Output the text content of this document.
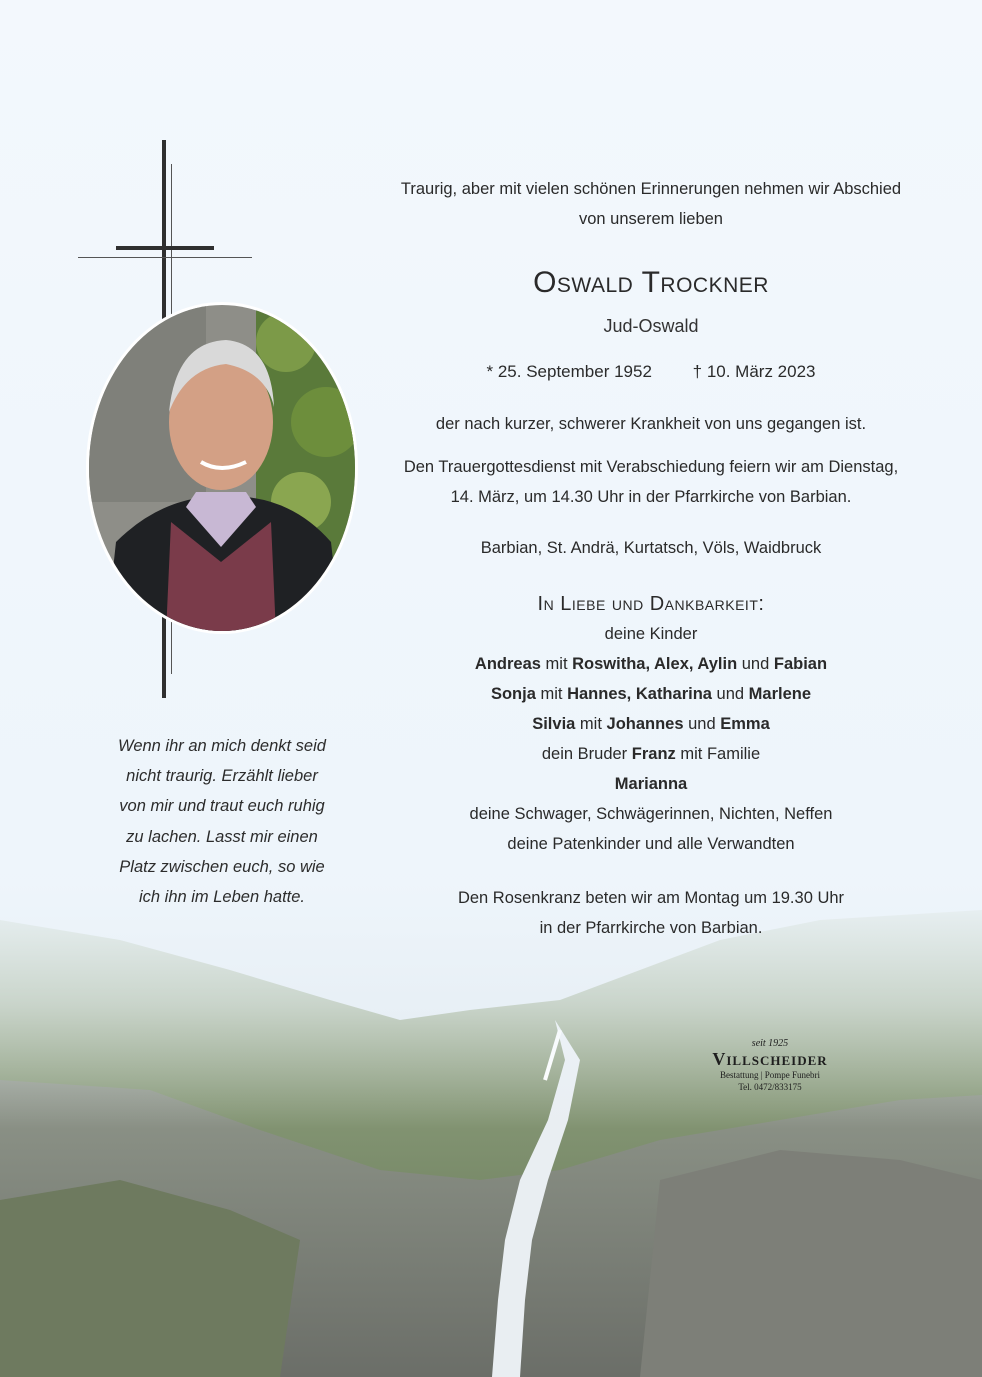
Wenn ihr an mich denkt seid
nicht traurig. Erzählt lieber
von mir und traut euch ruhig
zu lachen. Lasst mir einen
Platz zwischen euch, so wie
ich ihn im Leben hatte.
Traurig, aber mit vielen schönen Erinnerungen nehmen wir Abschied
von unserem lieben
Oswald Trockner
Jud-Oswald
* 25. September 1952 † 10. März 2023
der nach kurzer, schwerer Krankheit von uns gegangen ist.
Den Trauergottesdienst mit Verabschiedung feiern wir am Dienstag,
14. März, um 14.30 Uhr in der Pfarrkirche von Barbian.
Barbian, St. Andrä, Kurtatsch, Völs, Waidbruck
In Liebe und Dankbarkeit:
deine Kinder
Andreas mit Roswitha, Alex, Aylin und Fabian
Sonja mit Hannes, Katharina und Marlene
Silvia mit Johannes und Emma
dein Bruder Franz mit Familie
Marianna
deine Schwager, Schwägerinnen, Nichten, Neffen
deine Patenkinder und alle Verwandten
Den Rosenkranz beten wir am Montag um 19.30 Uhr
in der Pfarrkirche von Barbian.
seit 1925
Villscheider
Bestattung | Pompe Funebri
Tel. 0472/833175
